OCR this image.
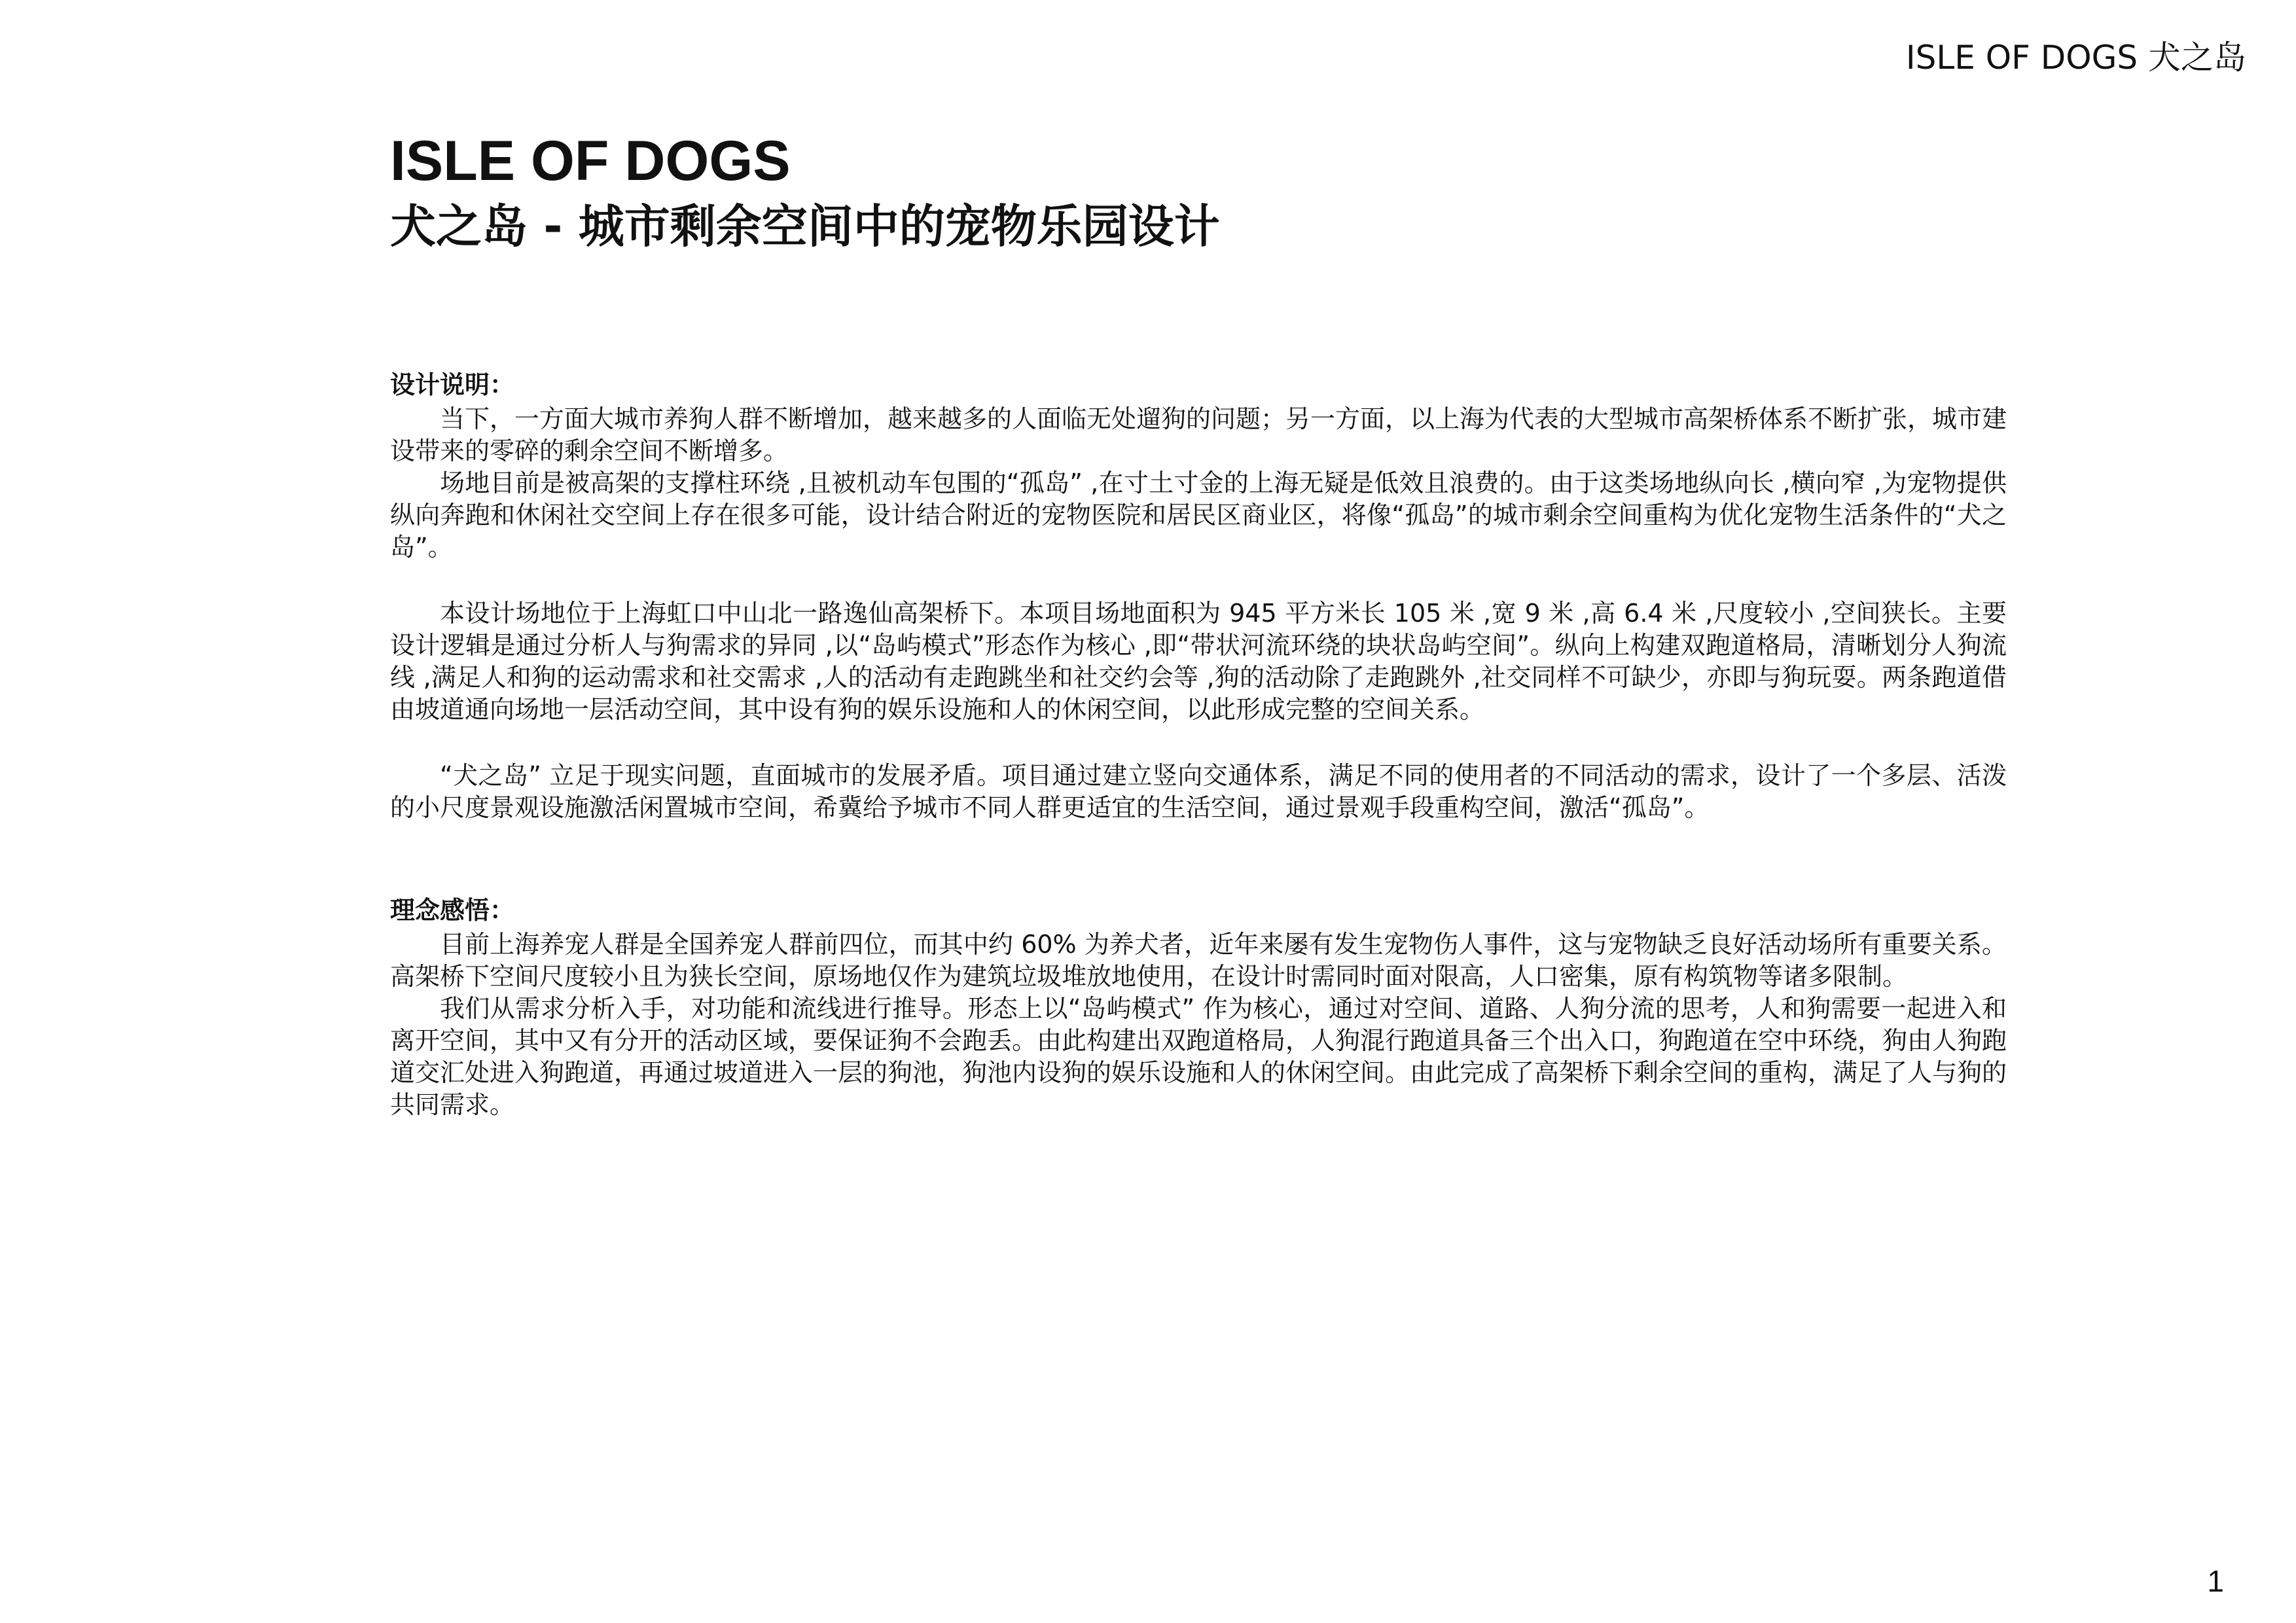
ISLE OF DOGS 犬之岛
ISLE OF DOGS
犬之岛 - 城市剩余空间中的宠物乐园设计
设计说明：

当下，一方面大城市养狗人群不断增加，越来越多的人面临无处遛狗的问题；另一方面，以上海为代表的大型城市高架桥体系不断扩张，城市建设带来的零碎的剩余空间不断增多。

场地目前是被高架的支撑柱环绕 ,且被机动车包围的“孤岛” ,在寸土寸金的上海无疑是低效且浪费的。由于这类场地纵向长 ,横向窄 ,为宠物提供纵向奔跑和休闲社交空间上存在很多可能，设计结合附近的宠物医院和居民区商业区，将像“孤岛”的城市剩余空间重构为优化宠物生活条件的“犬之岛”。

本设计场地位于上海虹口中山北一路逸仙高架桥下。本项目场地面积为 945 平方米长 105 米 ,宽 9 米 ,高 6.4 米 ,尺度较小 ,空间狭长。主要设计逻辑是通过分析人与狗需求的异同 ,以“岛屿模式”形态作为核心 ,即“带状河流环绕的块状岛屿空间”。纵向上构建双跑道格局，清晰划分人狗流线 ,满足人和狗的运动需求和社交需求 ,人的活动有走跑跳坐和社交约会等 ,狗的活动除了走跑跳外 ,社交同样不可缺少，亦即与狗玩耍。两条跑道借由坡道通向场地一层活动空间，其中设有狗的娱乐设施和人的休闲空间，以此形成完整的空间关系。

“犬之岛” 立足于现实问题，直面城市的发展矛盾。项目通过建立竖向交通体系，满足不同的使用者的不同活动的需求，设计了一个多层、活泼的小尺度景观设施激活闲置城市空间，希冀给予城市不同人群更适宜的生活空间，通过景观手段重构空间，激活“孤岛”。

理念感悟：

目前上海养宠人群是全国养宠人群前四位，而其中约 60% 为养犬者，近年来屡有发生宠物伤人事件，这与宠物缺乏良好活动场所有重要关系。高架桥下空间尺度较小且为狭长空间，原场地仅作为建筑垃圾堆放地使用，在设计时需同时面对限高，人口密集，原有构筑物等诸多限制。

我们从需求分析入手，对功能和流线进行推导。形态上以“岛屿模式” 作为核心，通过对空间、道路、人狗分流的思考，人和狗需要一起进入和离开空间，其中又有分开的活动区域，要保证狗不会跑丢。由此构建出双跑道格局，人狗混行跑道具备三个出入口，狗跑道在空中环绕，狗由人狗跑道交汇处进入狗跑道，再通过坡道进入一层的狗池，狗池内设狗的娱乐设施和人的休闲空间。由此完成了高架桥下剩余空间的重构，满足了人与狗的共同需求。

1
